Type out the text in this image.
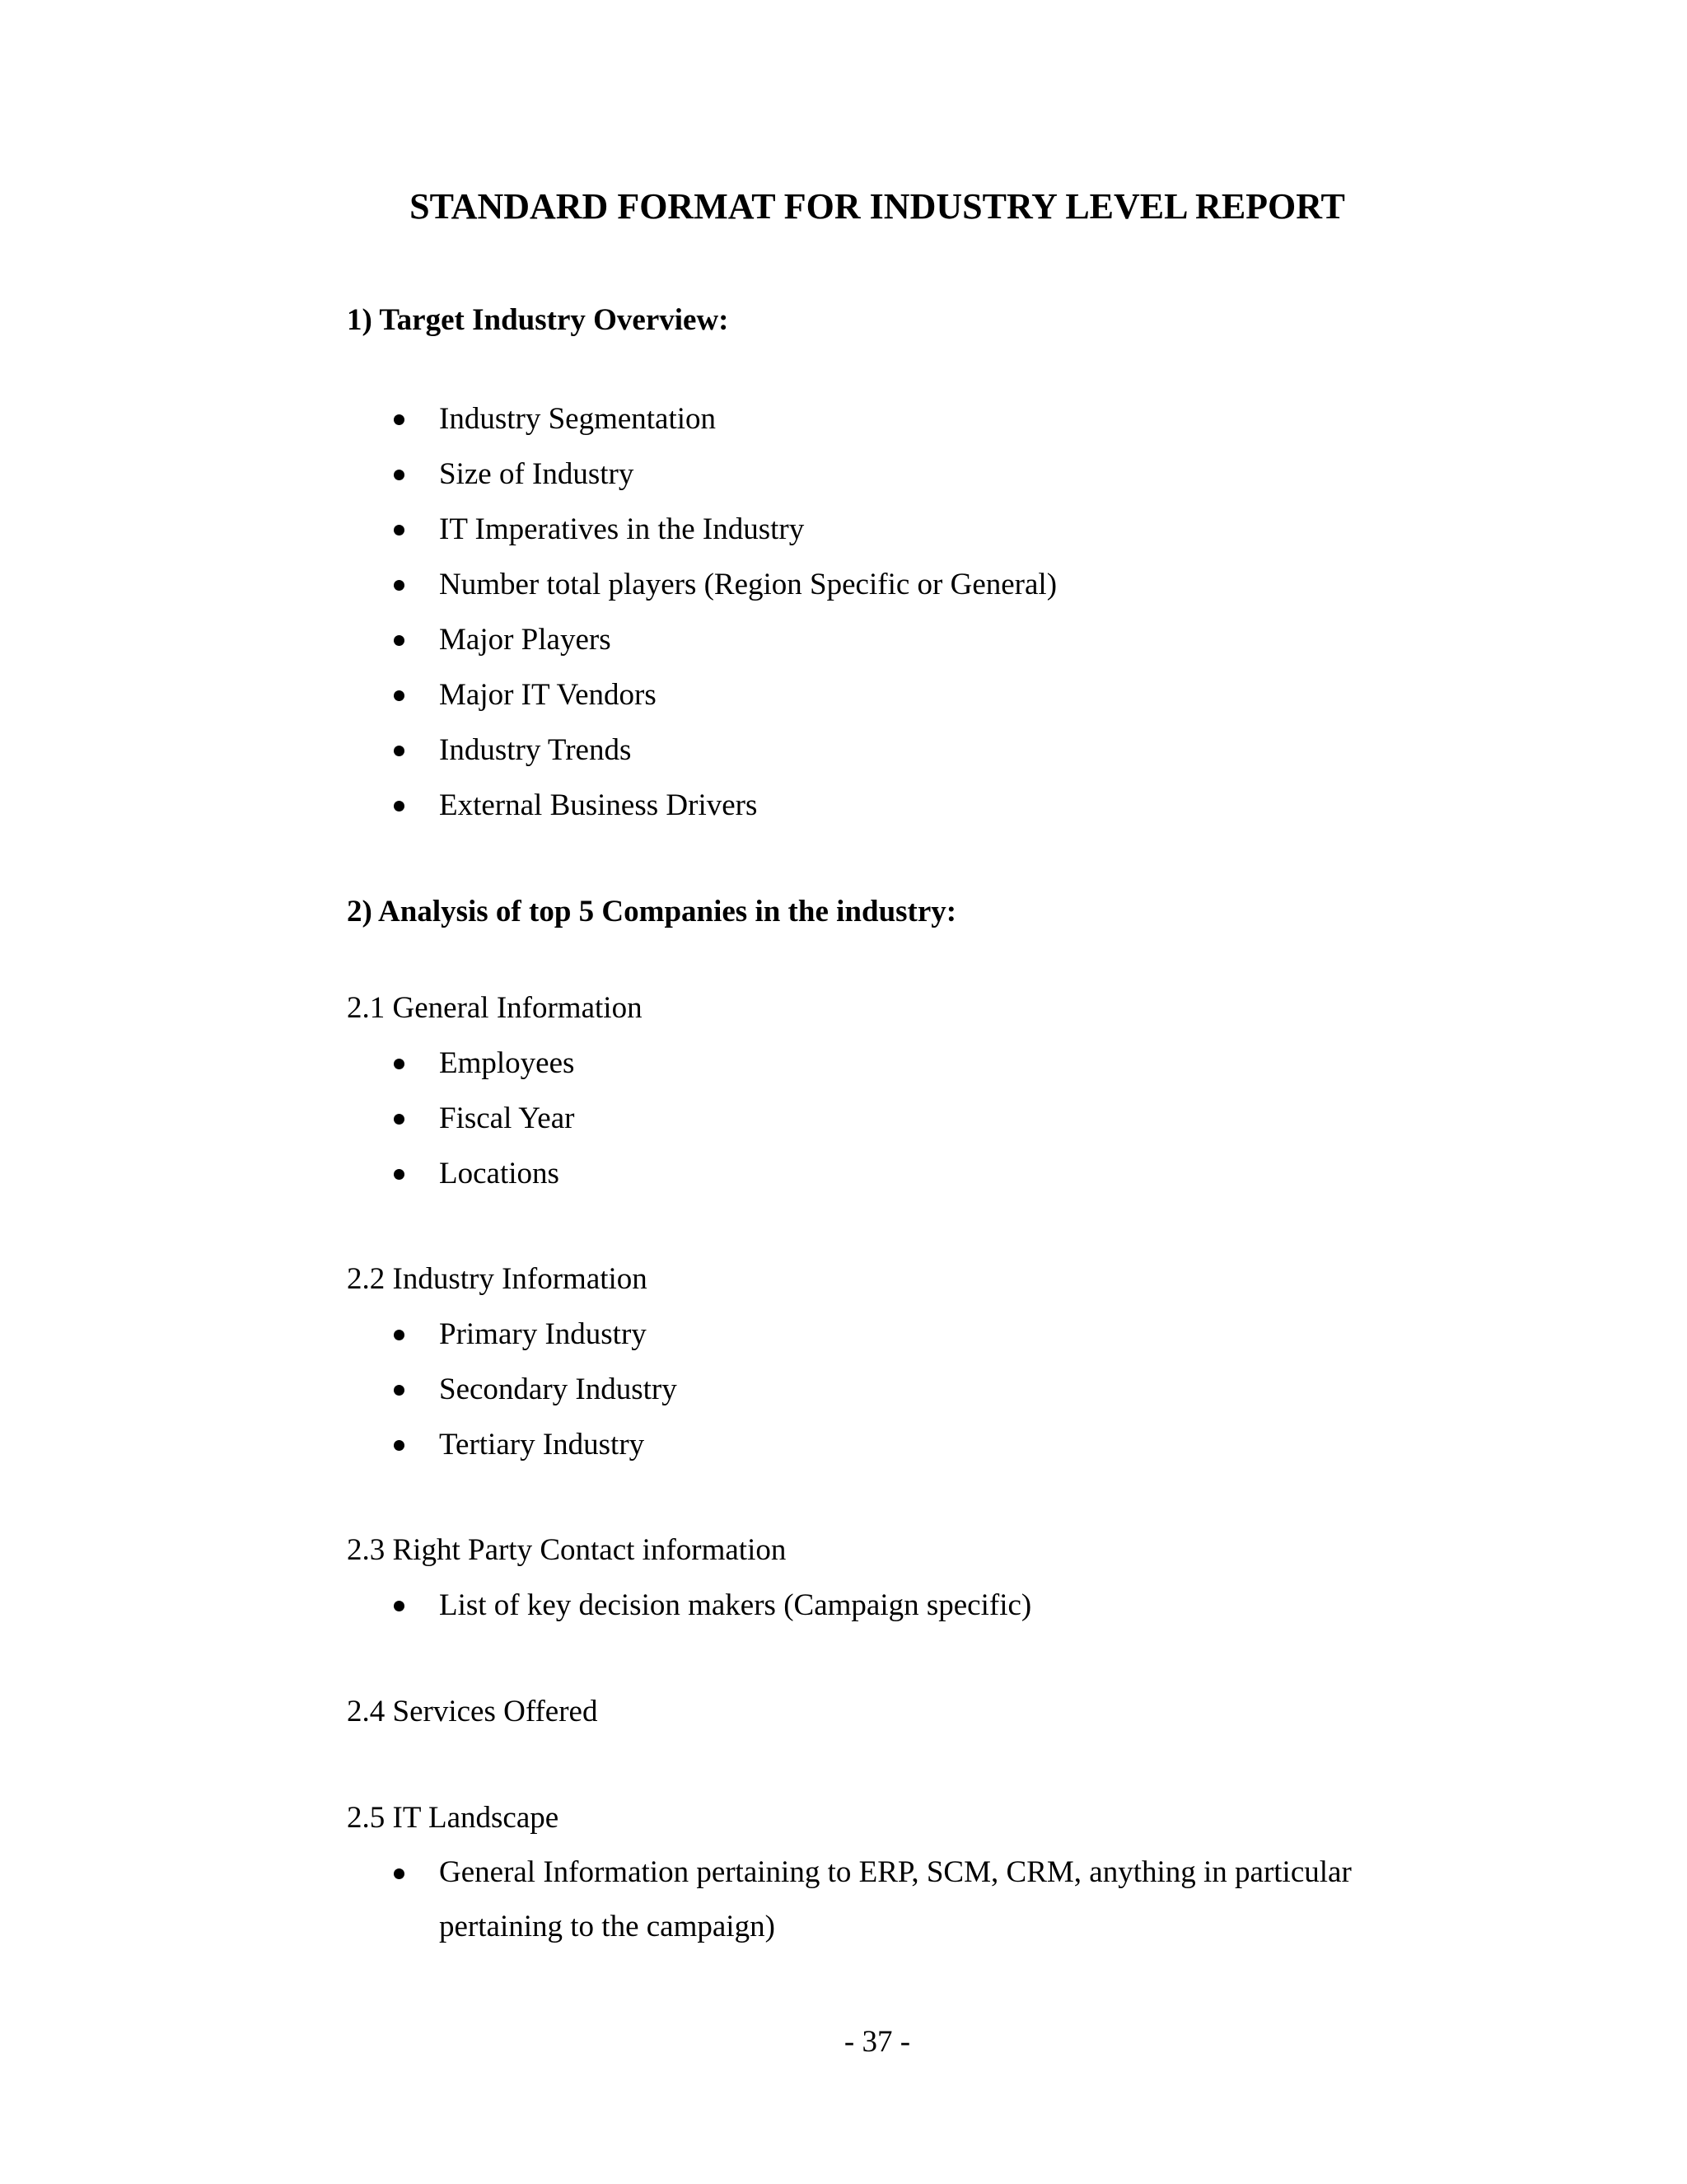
STANDARD FORMAT FOR INDUSTRY LEVEL REPORT
1) Target Industry Overview:
Industry Segmentation
Size of Industry
IT Imperatives in the Industry
Number total players (Region Specific or General)
Major Players
Major IT Vendors
Industry Trends
External Business Drivers
2) Analysis of top 5 Companies in the industry:

2.1 General Information

Employees
Fiscal Year
Locations

2.2 Industry Information

Primary Industry
Secondary Industry
Tertiary Industry

2.3 Right Party Contact information

List of key decision makers (Campaign specific)

2.4 Services Offered

2.5 IT Landscape

General Information pertaining to ERP, SCM, CRM, anything in particular pertaining to the campaign)

- 37 -
